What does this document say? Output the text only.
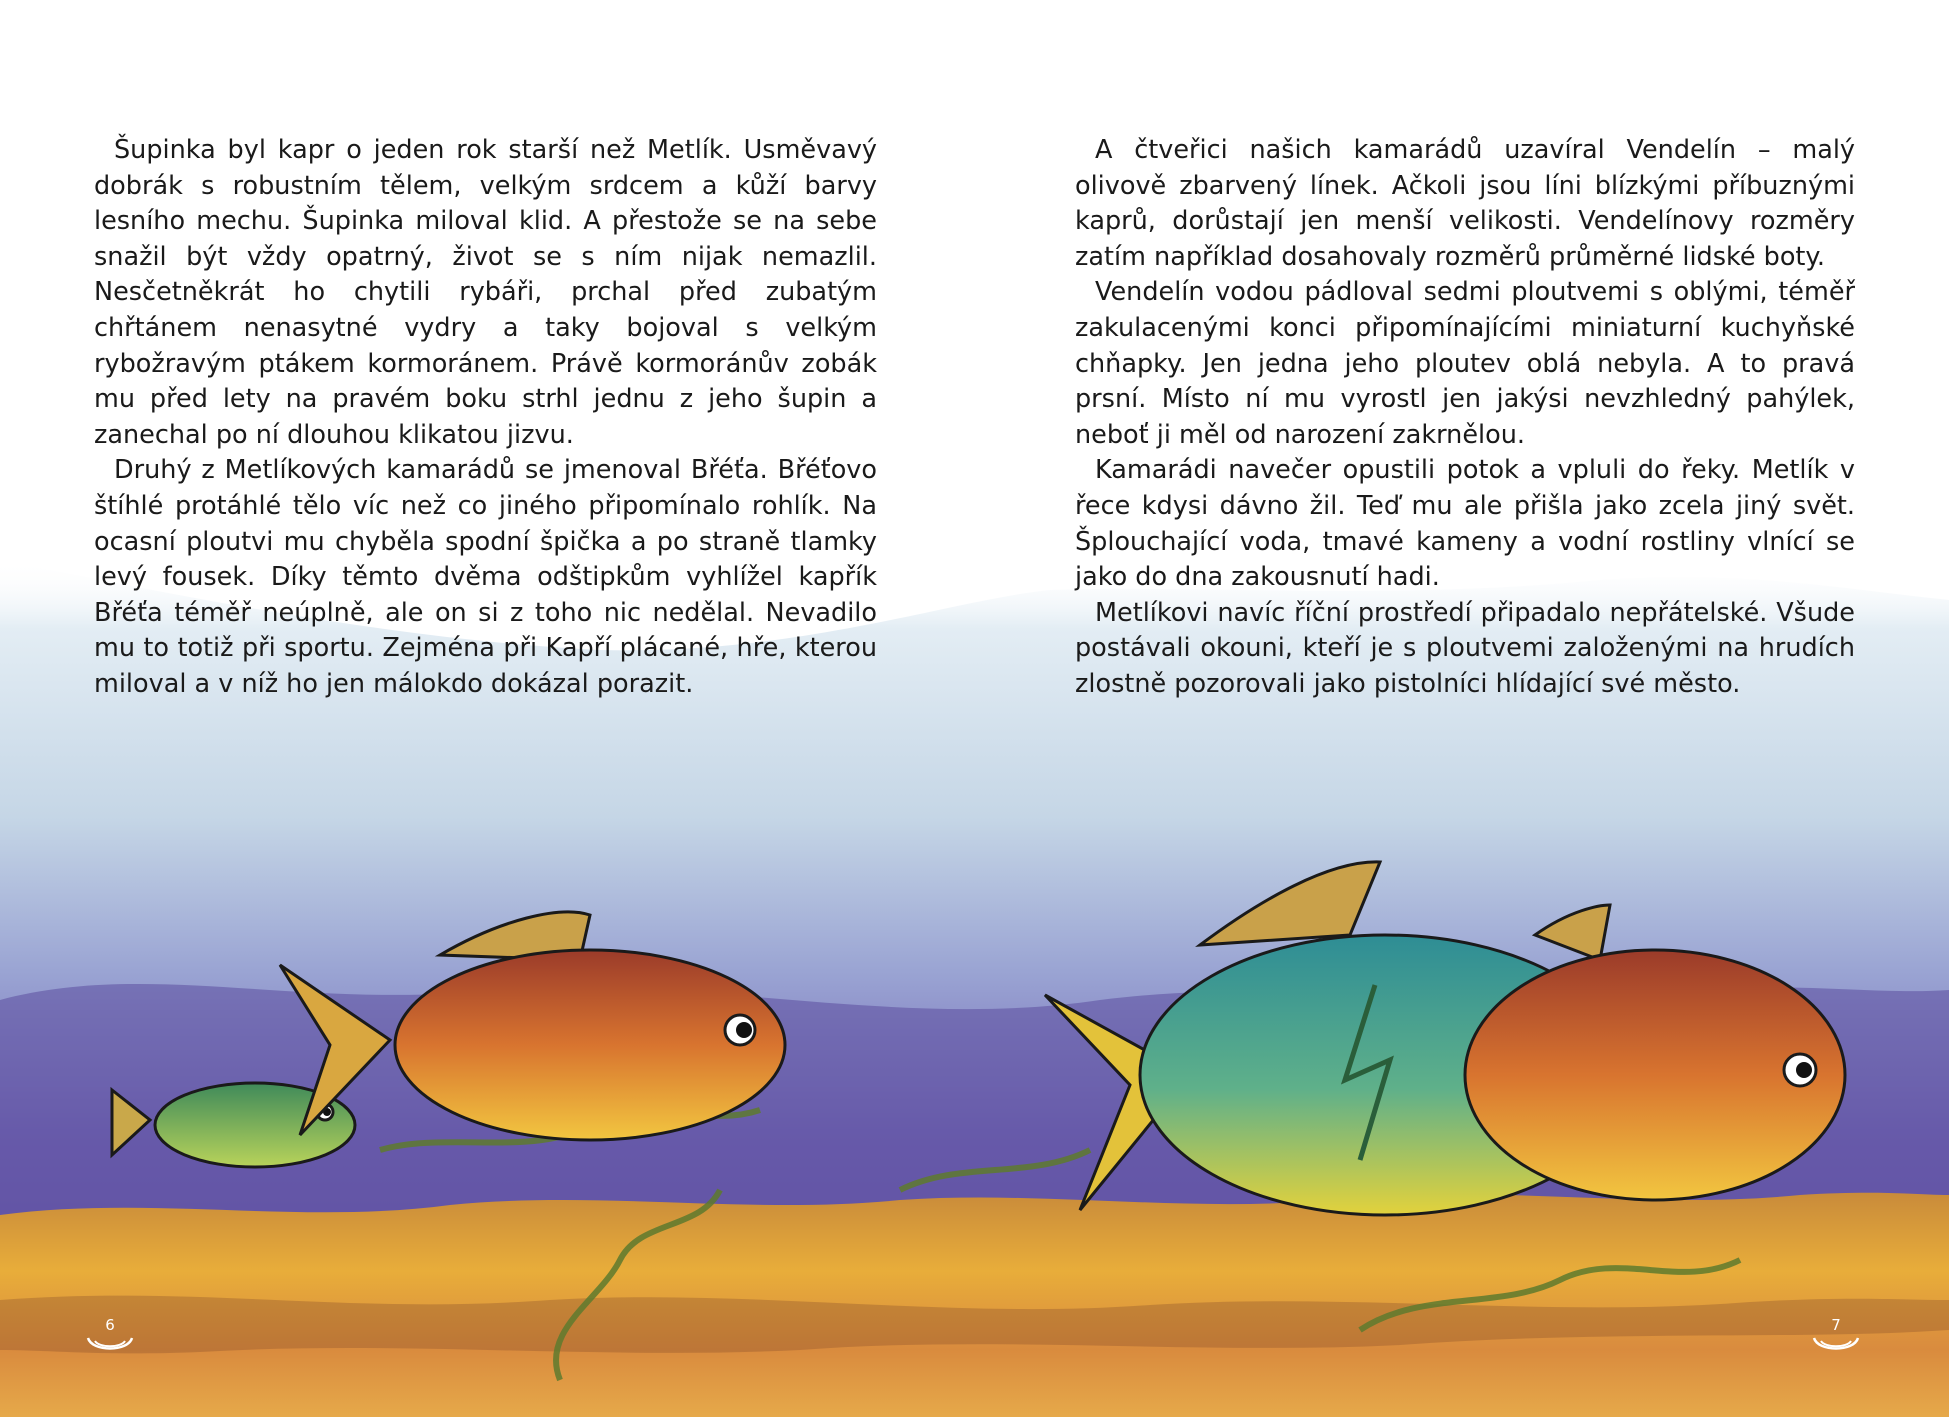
Šupinka byl kapr o jeden rok starší než Metlík. Usměvavý dobrák s robustním tělem, velkým srdcem a kůží barvy lesního mechu. Šupinka miloval klid. A přestože se na sebe snažil být vždy opatrný, život se s ním nijak nemazlil. Nesčetněkrát ho chytili rybáři, prchal před zubatým chřtánem nenasytné vydry a taky bojoval s velkým rybožravým ptákem kormoránem. Právě kormoránův zobák mu před lety na pravém boku strhl jednu z jeho šupin a zanechal po ní dlouhou klikatou jizvu.

Druhý z Metlíkových kamarádů se jmenoval Břéťa. Břéťovo štíhlé protáhlé tělo víc než co jiného připomínalo rohlík. Na ocasní ploutvi mu chyběla spodní špička a po straně tlamky levý fousek. Díky těmto dvěma odštipkům vyhlížel kapřík Břéťa téměř neúplně, ale on si z toho nic nedělal. Nevadilo mu to totiž při sportu. Zejména při Kapří plácané, hře, kterou miloval a v níž ho jen málokdo dokázal porazit.

A čtveřici našich kamarádů uzavíral Vendelín – malý olivově zbarvený línek. Ačkoli jsou líni blízkými příbuznými kaprů, dorůstají jen menší velikosti. Vendelínovy rozměry zatím například dosahovaly rozměrů průměrné lidské boty.

Vendelín vodou pádloval sedmi ploutvemi s oblými, téměř zakulacenými konci připomínajícími miniaturní kuchyňské chňapky. Jen jedna jeho ploutev oblá nebyla. A to pravá prsní. Místo ní mu vyrostl jen jakýsi nevzhledný pahýlek, neboť ji měl od narození zakrnělou.

Kamarádi navečer opustili potok a vpluli do řeky. Metlík v řece kdysi dávno žil. Teď mu ale přišla jako zcela jiný svět. Šplouchající voda, tmavé kameny a vodní rostliny vlnící se jako do dna zakousnutí hadi.

Metlíkovi navíc říční prostředí připadalo nepřátelské. Všude postávali okouni, kteří je s ploutvemi založenými na hrudích zlostně pozorovali jako pistolníci hlídající své město.

6	7
